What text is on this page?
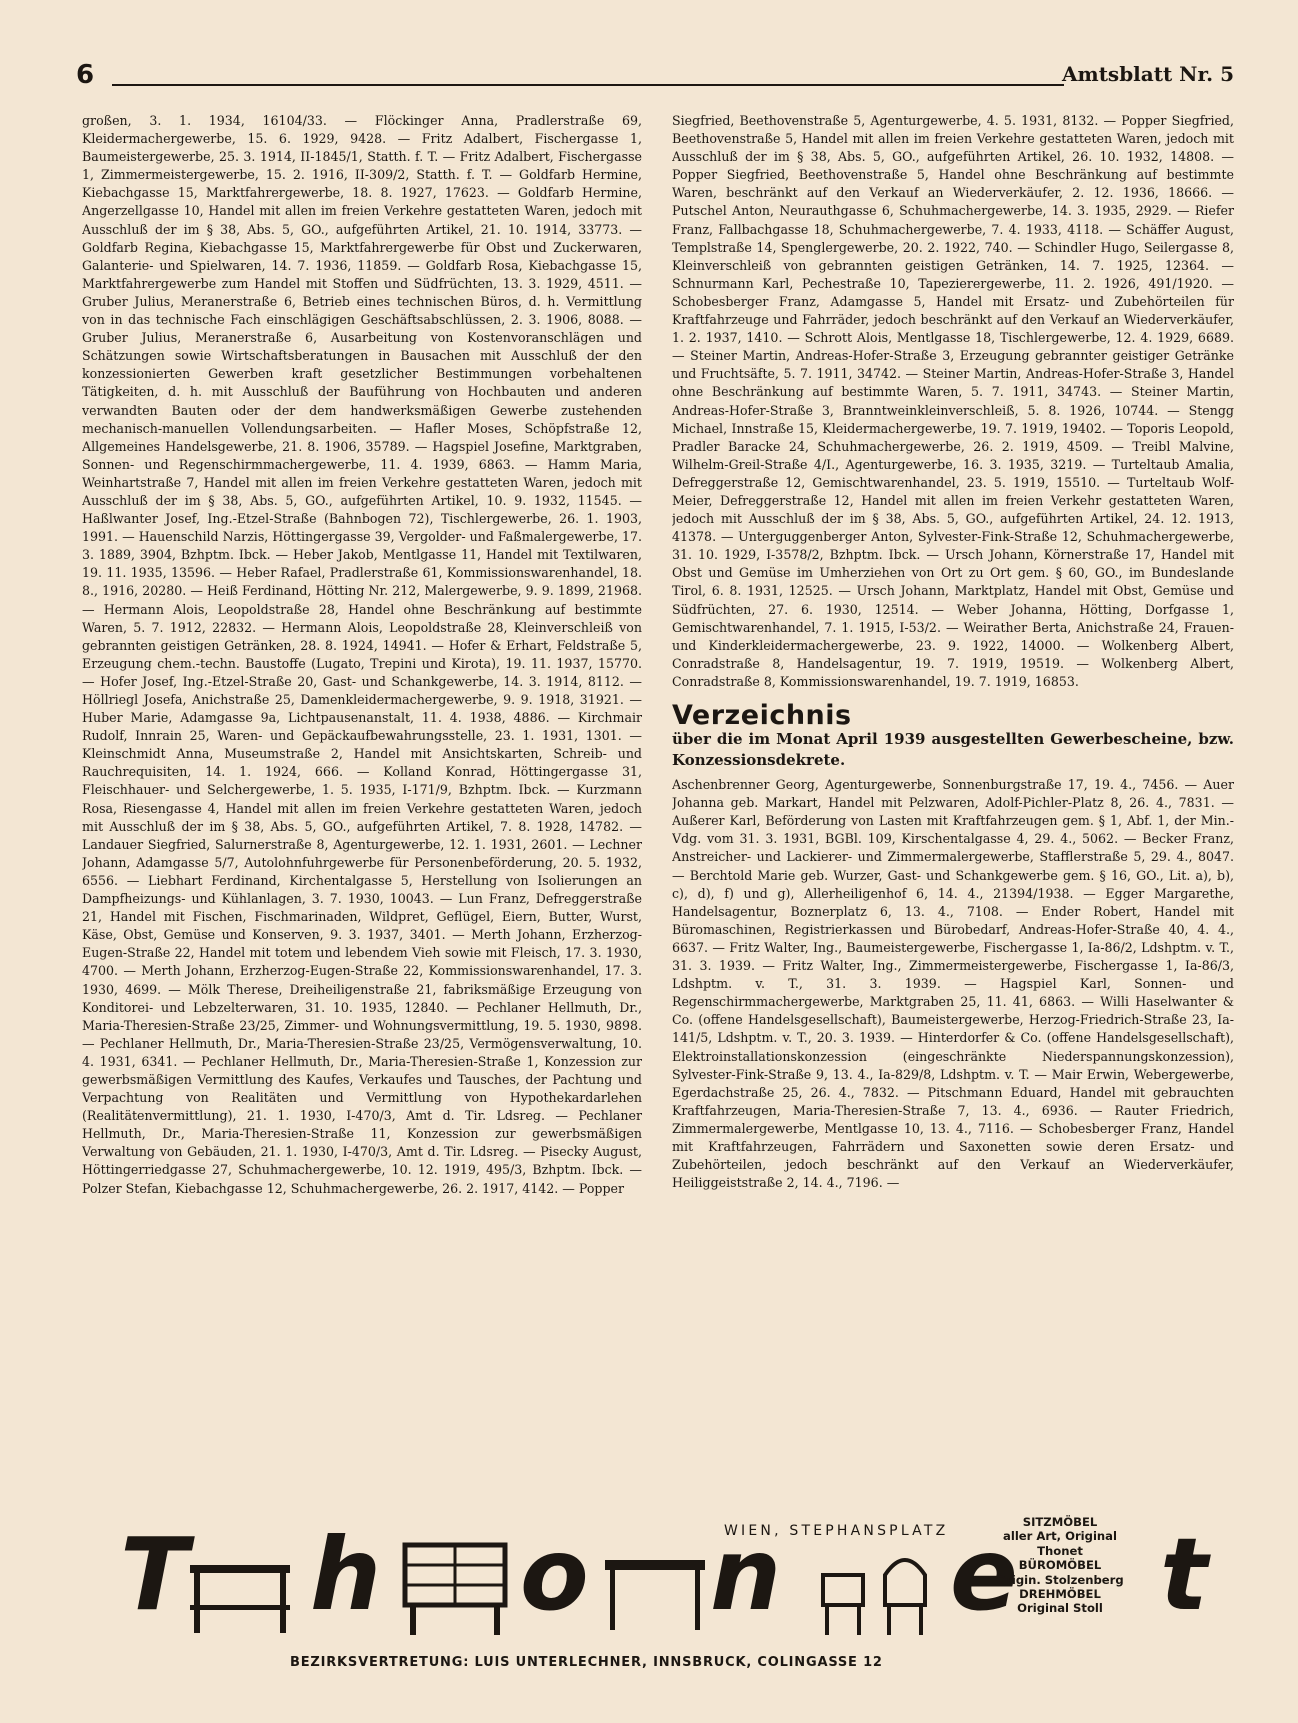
6	Amtsblatt Nr. 5

großen, 3. 1. 1934, 16104/33. — Flöckinger Anna, Pradlerstraße 69, Kleidermachergewerbe, 15. 6. 1929, 9428. — Fritz Adalbert, Fischergasse 1, Baumeistergewerbe, 25. 3. 1914, II-1845/1, Statth. f. T. — Fritz Adalbert, Fischergasse 1, Zimmermeistergewerbe, 15. 2. 1916, II-309/2, Statth. f. T. — Goldfarb Hermine, Kiebachgasse 15, Marktfahrergewerbe, 18. 8. 1927, 17623. — Goldfarb Hermine, Angerzellgasse 10, Handel mit allen im freien Verkehre gestatteten Waren, jedoch mit Ausschluß der im § 38, Abs. 5, GO., aufgeführten Artikel, 21. 10. 1914, 33773. — Goldfarb Regina, Kiebachgasse 15, Marktfahrergewerbe für Obst und Zuckerwaren, Galanterie- und Spielwaren, 14. 7. 1936, 11859. — Goldfarb Rosa, Kiebachgasse 15, Marktfahrergewerbe zum Handel mit Stoffen und Südfrüchten, 13. 3. 1929, 4511. — Gruber Julius, Meranerstraße 6, Betrieb eines technischen Büros, d. h. Vermittlung von in das technische Fach einschlägigen Geschäftsabschlüssen, 2. 3. 1906, 8088. — Gruber Julius, Meranerstraße 6, Ausarbeitung von Kostenvoranschlägen und Schätzungen sowie Wirtschaftsberatungen in Bausachen mit Ausschluß der den konzessionierten Gewerben kraft gesetzlicher Bestimmungen vorbehaltenen Tätigkeiten, d. h. mit Ausschluß der Bauführung von Hochbauten und anderen verwandten Bauten oder der dem handwerksmäßigen Gewerbe zustehenden mechanisch-manuellen Vollendungsarbeiten. — Hafler Moses, Schöpfstraße 12, Allgemeines Handelsgewerbe, 21. 8. 1906, 35789. — Hagspiel Josefine, Marktgraben, Sonnen- und Regenschirmmachergewerbe, 11. 4. 1939, 6863. — Hamm Maria, Weinhartstraße 7, Handel mit allen im freien Verkehre gestatteten Waren, jedoch mit Ausschluß der im § 38, Abs. 5, GO., aufgeführten Artikel, 10. 9. 1932, 11545. — Haßlwanter Josef, Ing.-Etzel-Straße (Bahnbogen 72), Tischlergewerbe, 26. 1. 1903, 1991. — Hauenschild Narzis, Höttingergasse 39, Vergolder- und Faßmalergewerbe, 17. 3. 1889, 3904, Bzhptm. Ibck. — Heber Jakob, Mentlgasse 11, Handel mit Textilwaren, 19. 11. 1935, 13596. — Heber Rafael, Pradlerstraße 61, Kommissionswarenhandel, 18. 8., 1916, 20280. — Heiß Ferdinand, Hötting Nr. 212, Malergewerbe, 9. 9. 1899, 21968. — Hermann Alois, Leopoldstraße 28, Handel ohne Beschränkung auf bestimmte Waren, 5. 7. 1912, 22832. — Hermann Alois, Leopoldstraße 28, Kleinverschleiß von gebrannten geistigen Getränken, 28. 8. 1924, 14941. — Hofer & Erhart, Feldstraße 5, Erzeugung chem.-techn. Baustoffe (Lugato, Trepini und Kirota), 19. 11. 1937, 15770. — Hofer Josef, Ing.-Etzel-Straße 20, Gast- und Schankgewerbe, 14. 3. 1914, 8112. — Höllriegl Josefa, Anichstraße 25, Damenkleidermachergewerbe, 9. 9. 1918, 31921. — Huber Marie, Adamgasse 9a, Lichtpausenanstalt, 11. 4. 1938, 4886. — Kirchmair Rudolf, Innrain 25, Waren- und Gepäckaufbewahrungsstelle, 23. 1. 1931, 1301. — Kleinschmidt Anna, Museumstraße 2, Handel mit Ansichtskarten, Schreib- und Rauchrequisiten, 14. 1. 1924, 666. — Kolland Konrad, Höttingergasse 31, Fleischhauer- und Selchergewerbe, 1. 5. 1935, I-171/9, Bzhptm. Ibck. — Kurzmann Rosa, Riesengasse 4, Handel mit allen im freien Verkehre gestatteten Waren, jedoch mit Ausschluß der im § 38, Abs. 5, GO., aufgeführten Artikel, 7. 8. 1928, 14782. — Landauer Siegfried, Salurnerstraße 8, Agenturgewerbe, 12. 1. 1931, 2601. — Lechner Johann, Adamgasse 5/7, Autolohnfuhrgewerbe für Personenbeförderung, 20. 5. 1932, 6556. — Liebhart Ferdinand, Kirchentalgasse 5, Herstellung von Isolierungen an Dampfheizungs- und Kühlanlagen, 3. 7. 1930, 10043. — Lun Franz, Defreggerstraße 21, Handel mit Fischen, Fischmarinaden, Wildpret, Geflügel, Eiern, Butter, Wurst, Käse, Obst, Gemüse und Konserven, 9. 3. 1937, 3401. — Merth Johann, Erzherzog-Eugen-Straße 22, Handel mit totem und lebendem Vieh sowie mit Fleisch, 17. 3. 1930, 4700. — Merth Johann, Erzherzog-Eugen-Straße 22, Kommissionswarenhandel, 17. 3. 1930, 4699. — Mölk Therese, Dreiheiligenstraße 21, fabriksmäßige Erzeugung von Konditorei- und Lebzelterwaren, 31. 10. 1935, 12840. — Pechlaner Hellmuth, Dr., Maria-Theresien-Straße 23/25, Zimmer- und Wohnungsvermittlung, 19. 5. 1930, 9898. — Pechlaner Hellmuth, Dr., Maria-Theresien-Straße 23/25, Vermögensverwaltung, 10. 4. 1931, 6341. — Pechlaner Hellmuth, Dr., Maria-Theresien-Straße 1, Konzession zur gewerbsmäßigen Vermittlung des Kaufes, Verkaufes und Tausches, der Pachtung und Verpachtung von Realitäten und Vermittlung von Hypothekardarlehen (Realitätenvermittlung), 21. 1. 1930, I-470/3, Amt d. Tir. Ldsreg. — Pechlaner Hellmuth, Dr., Maria-Theresien-Straße 11, Konzession zur gewerbsmäßigen Verwaltung von Gebäuden, 21. 1. 1930, I-470/3, Amt d. Tir. Ldsreg. — Pisecky August, Höttingerriedgasse 27, Schuhmachergewerbe, 10. 12. 1919, 495/3, Bzhptm. Ibck. — Polzer Stefan, Kiebachgasse 12, Schuhmachergewerbe, 26. 2. 1917, 4142. — Popper

Siegfried, Beethovenstraße 5, Agenturgewerbe, 4. 5. 1931, 8132. — Popper Siegfried, Beethovenstraße 5, Handel mit allen im freien Verkehre gestatteten Waren, jedoch mit Ausschluß der im § 38, Abs. 5, GO., aufgeführten Artikel, 26. 10. 1932, 14808. — Popper Siegfried, Beethovenstraße 5, Handel ohne Beschränkung auf bestimmte Waren, beschränkt auf den Verkauf an Wiederverkäufer, 2. 12. 1936, 18666. — Putschel Anton, Neurauthgasse 6, Schuhmachergewerbe, 14. 3. 1935, 2929. — Riefer Franz, Fallbachgasse 18, Schuhmachergewerbe, 7. 4. 1933, 4118. — Schäffer August, Templstraße 14, Spenglergewerbe, 20. 2. 1922, 740. — Schindler Hugo, Seilergasse 8, Kleinverschleiß von gebrannten geistigen Getränken, 14. 7. 1925, 12364. — Schnurmann Karl, Pechestraße 10, Tapezierergewerbe, 11. 2. 1926, 491/1920. — Schobesberger Franz, Adamgasse 5, Handel mit Ersatz- und Zubehörteilen für Kraftfahrzeuge und Fahrräder, jedoch beschränkt auf den Verkauf an Wiederverkäufer, 1. 2. 1937, 1410. — Schrott Alois, Mentlgasse 18, Tischlergewerbe, 12. 4. 1929, 6689. — Steiner Martin, Andreas-Hofer-Straße 3, Erzeugung gebrannter geistiger Getränke und Fruchtsäfte, 5. 7. 1911, 34742. — Steiner Martin, Andreas-Hofer-Straße 3, Handel ohne Beschränkung auf bestimmte Waren, 5. 7. 1911, 34743. — Steiner Martin, Andreas-Hofer-Straße 3, Branntweinkleinverschleiß, 5. 8. 1926, 10744. — Stengg Michael, Innstraße 15, Kleidermachergewerbe, 19. 7. 1919, 19402. — Toporis Leopold, Pradler Baracke 24, Schuhmachergewerbe, 26. 2. 1919, 4509. — Treibl Malvine, Wilhelm-Greil-Straße 4/I., Agenturgewerbe, 16. 3. 1935, 3219. — Turteltaub Amalia, Defreggerstraße 12, Gemischtwarenhandel, 23. 5. 1919, 15510. — Turteltaub Wolf-Meier, Defreggerstraße 12, Handel mit allen im freien Verkehr gestatteten Waren, jedoch mit Ausschluß der im § 38, Abs. 5, GO., aufgeführten Artikel, 24. 12. 1913, 41378. — Unterguggenberger Anton, Sylvester-Fink-Straße 12, Schuhmachergewerbe, 31. 10. 1929, I-3578/2, Bzhptm. Ibck. — Ursch Johann, Körnerstraße 17, Handel mit Obst und Gemüse im Umherziehen von Ort zu Ort gem. § 60, GO., im Bundeslande Tirol, 6. 8. 1931, 12525. — Ursch Johann, Marktplatz, Handel mit Obst, Gemüse und Südfrüchten, 27. 6. 1930, 12514. — Weber Johanna, Hötting, Dorfgasse 1, Gemischtwarenhandel, 7. 1. 1915, I-53/2. — Weirather Berta, Anichstraße 24, Frauen- und Kinderkleidermachergewerbe, 23. 9. 1922, 14000. — Wolkenberg Albert, Conradstraße 8, Handelsagentur, 19. 7. 1919, 19519. — Wolkenberg Albert, Conradstraße 8, Kommissionswarenhandel, 19. 7. 1919, 16853.

Verzeichnis
über die im Monat April 1939 ausgestellten Gewerbescheine, bzw. Konzessionsdekrete.

Aschenbrenner Georg, Agenturgewerbe, Sonnenburgstraße 17, 19. 4., 7456. — Auer Johanna geb. Markart, Handel mit Pelzwaren, Adolf-Pichler-Platz 8, 26. 4., 7831. — Außerer Karl, Beförderung von Lasten mit Kraftfahrzeugen gem. § 1, Abf. 1, der Min.-Vdg. vom 31. 3. 1931, BGBl. 109, Kirschentalgasse 4, 29. 4., 5062. — Becker Franz, Anstreicher- und Lackierer- und Zimmermalergewerbe, Stafflerstraße 5, 29. 4., 8047. — Berchtold Marie geb. Wurzer, Gast- und Schankgewerbe gem. § 16, GO., Lit. a), b), c), d), f) und g), Allerheiligenhof 6, 14. 4., 21394/1938. — Egger Margarethe, Handelsagentur, Boznerplatz 6, 13. 4., 7108. — Ender Robert, Handel mit Büromaschinen, Registrierkassen und Bürobedarf, Andreas-Hofer-Straße 40, 4. 4., 6637. — Fritz Walter, Ing., Baumeistergewerbe, Fischergasse 1, Ia-86/2, Ldshptm. v. T., 31. 3. 1939. — Fritz Walter, Ing., Zimmermeistergewerbe, Fischergasse 1, Ia-86/3, Ldshptm. v. T., 31. 3. 1939. — Hagspiel Karl, Sonnen- und Regenschirmmachergewerbe, Marktgraben 25, 11. 41, 6863. — Willi Haselwanter & Co. (offene Handelsgesellschaft), Baumeistergewerbe, Herzog-Friedrich-Straße 23, Ia-141/5, Ldshptm. v. T., 20. 3. 1939. — Hinterdorfer & Co. (offene Handelsgesellschaft), Elektroinstallationskonzession (eingeschränkte Niederspannungskonzession), Sylvester-Fink-Straße 9, 13. 4., Ia-829/8, Ldshptm. v. T. — Mair Erwin, Webergewerbe, Egerdachstraße 25, 26. 4., 7832. — Pitschmann Eduard, Handel mit gebrauchten Kraftfahrzeugen, Maria-Theresien-Straße 7, 13. 4., 6936. — Rauter Friedrich, Zimmermalergewerbe, Mentlgasse 10, 13. 4., 7116. — Schobesberger Franz, Handel mit Kraftfahrzeugen, Fahrrädern und Saxonetten sowie deren Ersatz- und Zubehörteilen, jedoch beschränkt auf den Verkauf an Wiederverkäufer, Heiliggeiststraße 2, 14. 4., 7196. —

T h o n e t
WIEN, STEPHANSPLATZ
BEZIRKSVERTRETUNG: LUIS UNTERLECHNER, INNSBRUCK, COLINGASSE 12
SITZMÖBEL
aller Art, Original
Thonet
BÜROMÖBEL
Origin. Stolzenberg
DREHMÖBEL
Original Stoll
